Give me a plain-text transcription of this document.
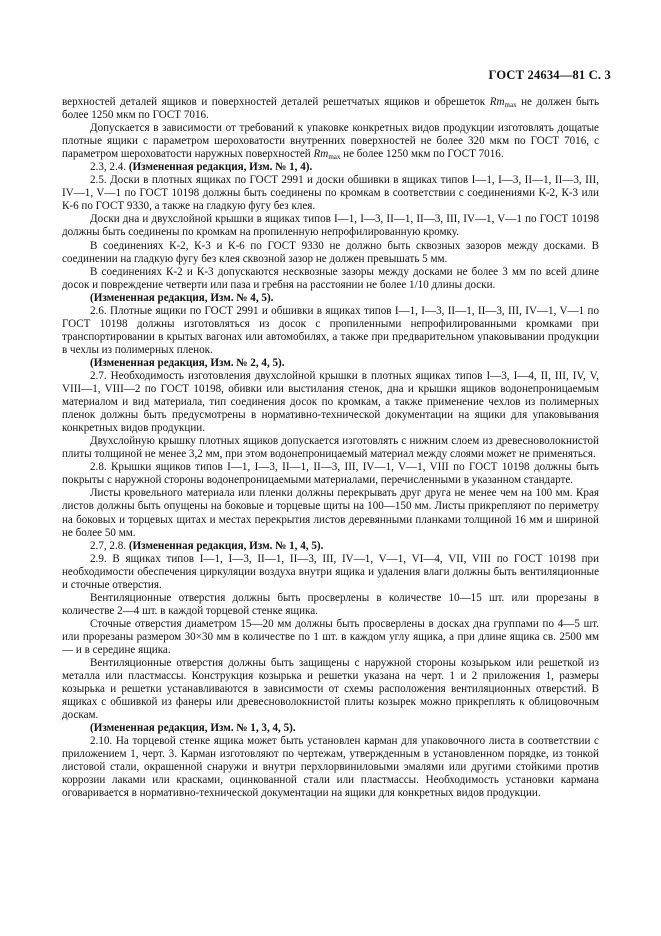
ГОСТ 24634—81 С. 3

верхностей деталей ящиков и поверхностей деталей решетчатых ящиков и обрешеток $Rm_{max}$ не должен быть более 1250 мкм по ГОСТ 7016.

Допускается в зависимости от требований к упаковке конкретных видов продукции изготовлять дощатые плотные ящики с параметром шероховатости внутренних поверхностей не более 320 мкм по ГОСТ 7016, с параметром шероховатости наружных поверхностей $Rm_{max}$ не более 1250 мкм по ГОСТ 7016.

2.3, 2.4. (Измененная редакция, Изм. № 1, 4).

2.5. Доски в плотных ящиках по ГОСТ 2991 и доски обшивки в ящиках типов I—1, I—3, II—1, II—3, III, IV—1, V—1 по ГОСТ 10198 должны быть соединены по кромкам в соответствии с соединениями К-2, К-3 или К-6 по ГОСТ 9330, а также на гладкую фугу без клея.

Доски дна и двухслойной крышки в ящиках типов I—1, I—3, II—1, II—3, III, IV—1, V—1 по ГОСТ 10198 должны быть соединены по кромкам на пропиленную непрофилированную кромку.

В соединениях К-2, К-3 и К-6 по ГОСТ 9330 не должно быть сквозных зазоров между досками. В соединении на гладкую фугу без клея сквозной зазор не должен превышать 5 мм.

В соединениях К-2 и К-3 допускаются несквозные зазоры между досками не более 3 мм по всей длине досок и повреждение четверти или паза и гребня на расстоянии не более 1/10 длины доски.

(Измененная редакция, Изм. № 4, 5).

2.6. Плотные ящики по ГОСТ 2991 и обшивки в ящиках типов I—1, I—3, II—1, II—3, III, IV—1, V—1 по ГОСТ 10198 должны изготовляться из досок с пропиленными непрофилированными кромками при транспортировании в крытых вагонах или автомобилях, а также при предварительном упаковывании продукции в чехлы из полимерных пленок.

(Измененная редакция, Изм. № 2, 4, 5).

2.7. Необходимость изготовления двухслойной крышки в плотных ящиках типов I—3, I—4, II, III, IV, V, VIII—1, VIII—2 по ГОСТ 10198, обивки или выстилания стенок, дна и крышки ящиков водонепроницаемым материалом и вид материала, тип соединения досок по кромкам, а также применение чехлов из полимерных пленок должны быть предусмотрены в нормативно-технической документации на ящики для упаковывания конкретных видов продукции.

Двухслойную крышку плотных ящиков допускается изготовлять с нижним слоем из древесноволокнистой плиты толщиной не менее 3,2 мм, при этом водонепроницаемый материал между слоями может не применяться.

2.8. Крышки ящиков типов I—1, I—3, II—1, II—3, III, IV—1, V—1, VIII по ГОСТ 10198 должны быть покрыты с наружной стороны водонепроницаемыми материалами, перечисленными в указанном стандарте.

Листы кровельного материала или пленки должны перекрывать друг друга не менее чем на 100 мм. Края листов должны быть опущены на боковые и торцевые щиты на 100—150 мм. Листы прикрепляют по периметру на боковых и торцевых щитах и местах перекрытия листов деревянными планками толщиной 16 мм и шириной не более 50 мм.

2.7, 2.8. (Измененная редакция, Изм. № 1, 4, 5).

2.9. В ящиках типов I—1, I—3, II—1, II—3, III, IV—1, V—1, VI—4, VII, VIII по ГОСТ 10198 при необходимости обеспечения циркуляции воздуха внутри ящика и удаления влаги должны быть вентиляционные и сточные отверстия.

Вентиляционные отверстия должны быть просверлены в количестве 10—15 шт. или прорезаны в количестве 2—4 шт. в каждой торцевой стенке ящика.

Сточные отверстия диаметром 15—20 мм должны быть просверлены в досках дна группами по 4—5 шт. или прорезаны размером 30×30 мм в количестве по 1 шт. в каждом углу ящика, а при длине ящика св. 2500 мм — и в середине ящика.

Вентиляционные отверстия должны быть защищены с наружной стороны козырьком или решеткой из металла или пластмассы. Конструкция козырька и решетки указана на черт. 1 и 2 приложения 1, размеры козырька и решетки устанавливаются в зависимости от схемы расположения вентиляционных отверстий. В ящиках с обшивкой из фанеры или древесноволокнистой плиты козырек можно прикреплять к облицовочным доскам.

(Измененная редакция, Изм. № 1, 3, 4, 5).

2.10. На торцевой стенке ящика может быть установлен карман для упаковочного листа в соответствии с приложением 1, черт. 3. Карман изготовляют по чертежам, утвержденным в установленном порядке, из тонкой листовой стали, окрашенной снаружи и внутри перхлорвиниловыми эмалями или другими стойкими против коррозии лаками или красками, оцинкованной стали или пластмассы. Необходимость установки кармана оговаривается в нормативно-технической документации на ящики для конкретных видов продукции.
